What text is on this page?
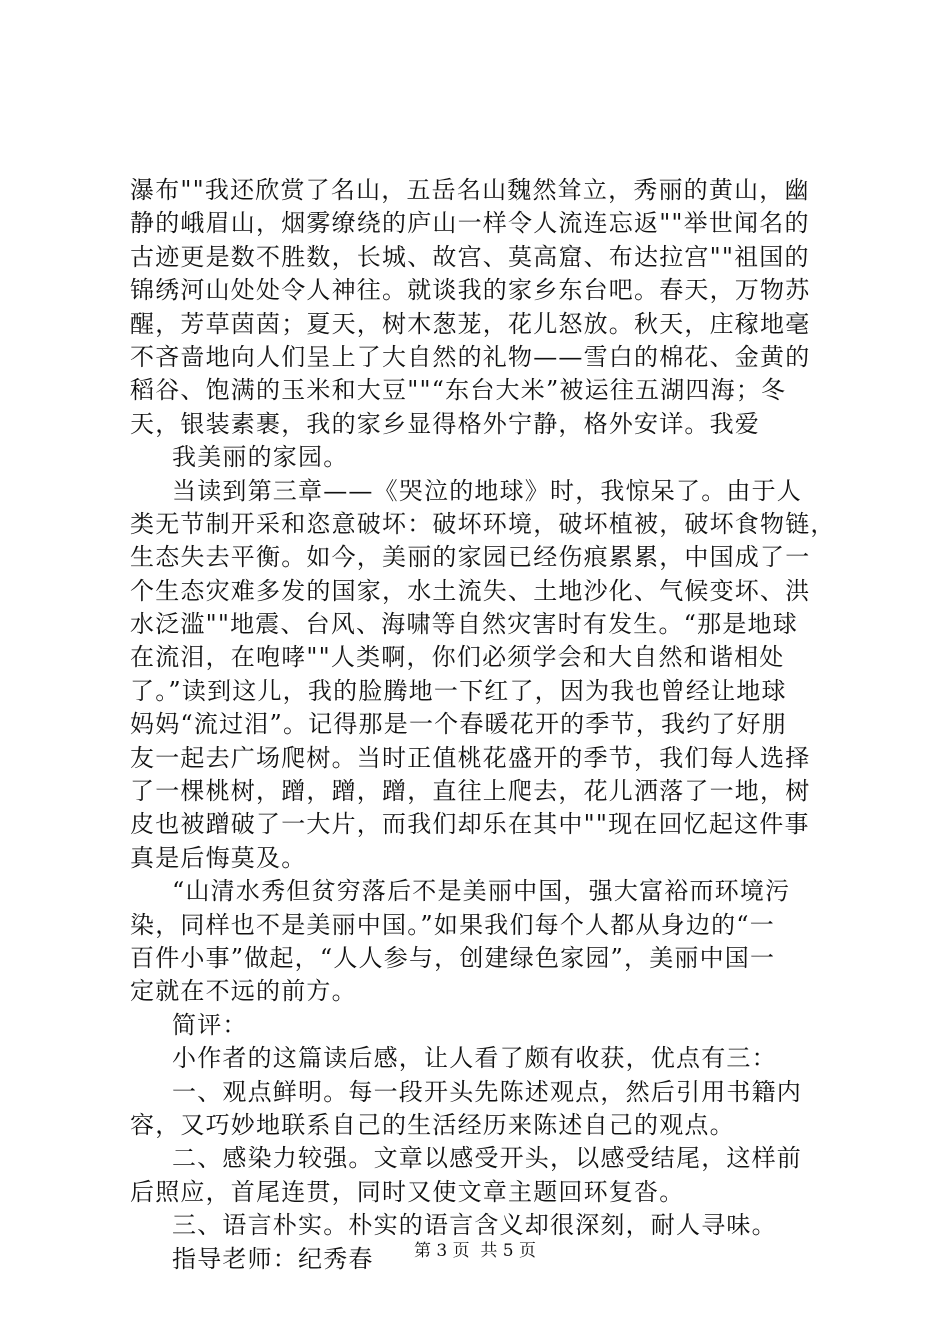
瀑布""我还欣赏了名山，五岳名山魏然耸立，秀丽的黄山，幽
静的峨眉山，烟雾缭绕的庐山一样令人流连忘返""举世闻名的
古迹更是数不胜数，长城、故宫、莫高窟、布达拉宫""祖国的
锦绣河山处处令人神往。就谈我的家乡东台吧。春天，万物苏
醒，芳草茵茵；夏天，树木葱茏，花儿怒放。秋天，庄稼地毫
不吝啬地向人们呈上了大自然的礼物——雪白的棉花、金黄的
稻谷、饱满的玉米和大豆""“东台大米”被运往五湖四海；冬
天，银装素裹，我的家乡显得格外宁静，格外安详。我爱
我美丽的家园。
当读到第三章——《哭泣的地球》时，我惊呆了。由于人
类无节制开采和恣意破坏：破坏环境，破坏植被，破坏食物链，
生态失去平衡。如今，美丽的家园已经伤痕累累，中国成了一
个生态灾难多发的国家，水土流失、土地沙化、气候变坏、洪
水泛滥""地震、台风、海啸等自然灾害时有发生。“那是地球
在流泪，在咆哮""人类啊，你们必须学会和大自然和谐相处
了。”读到这儿，我的脸腾地一下红了，因为我也曾经让地球
妈妈“流过泪”。记得那是一个春暖花开的季节，我约了好朋
友一起去广场爬树。当时正值桃花盛开的季节，我们每人选择
了一棵桃树，蹭，蹭，蹭，直往上爬去，花儿洒落了一地，树
皮也被蹭破了一大片，而我们却乐在其中""现在回忆起这件事
真是后悔莫及。
“山清水秀但贫穷落后不是美丽中国，强大富裕而环境污
染，同样也不是美丽中国。”如果我们每个人都从身边的“一
百件小事”做起，“人人参与，创建绿色家园”，美丽中国一
定就在不远的前方。
简评：
小作者的这篇读后感，让人看了颇有收获，优点有三：
一、观点鲜明。每一段开头先陈述观点，然后引用书籍内
容，又巧妙地联系自己的生活经历来陈述自己的观点。
二、感染力较强。文章以感受开头，以感受结尾，这样前
后照应，首尾连贯，同时又使文章主题回环复沓。
三、语言朴实。朴实的语言含义却很深刻，耐人寻味。
指导老师：纪秀春	第 3 页  共 5 页
